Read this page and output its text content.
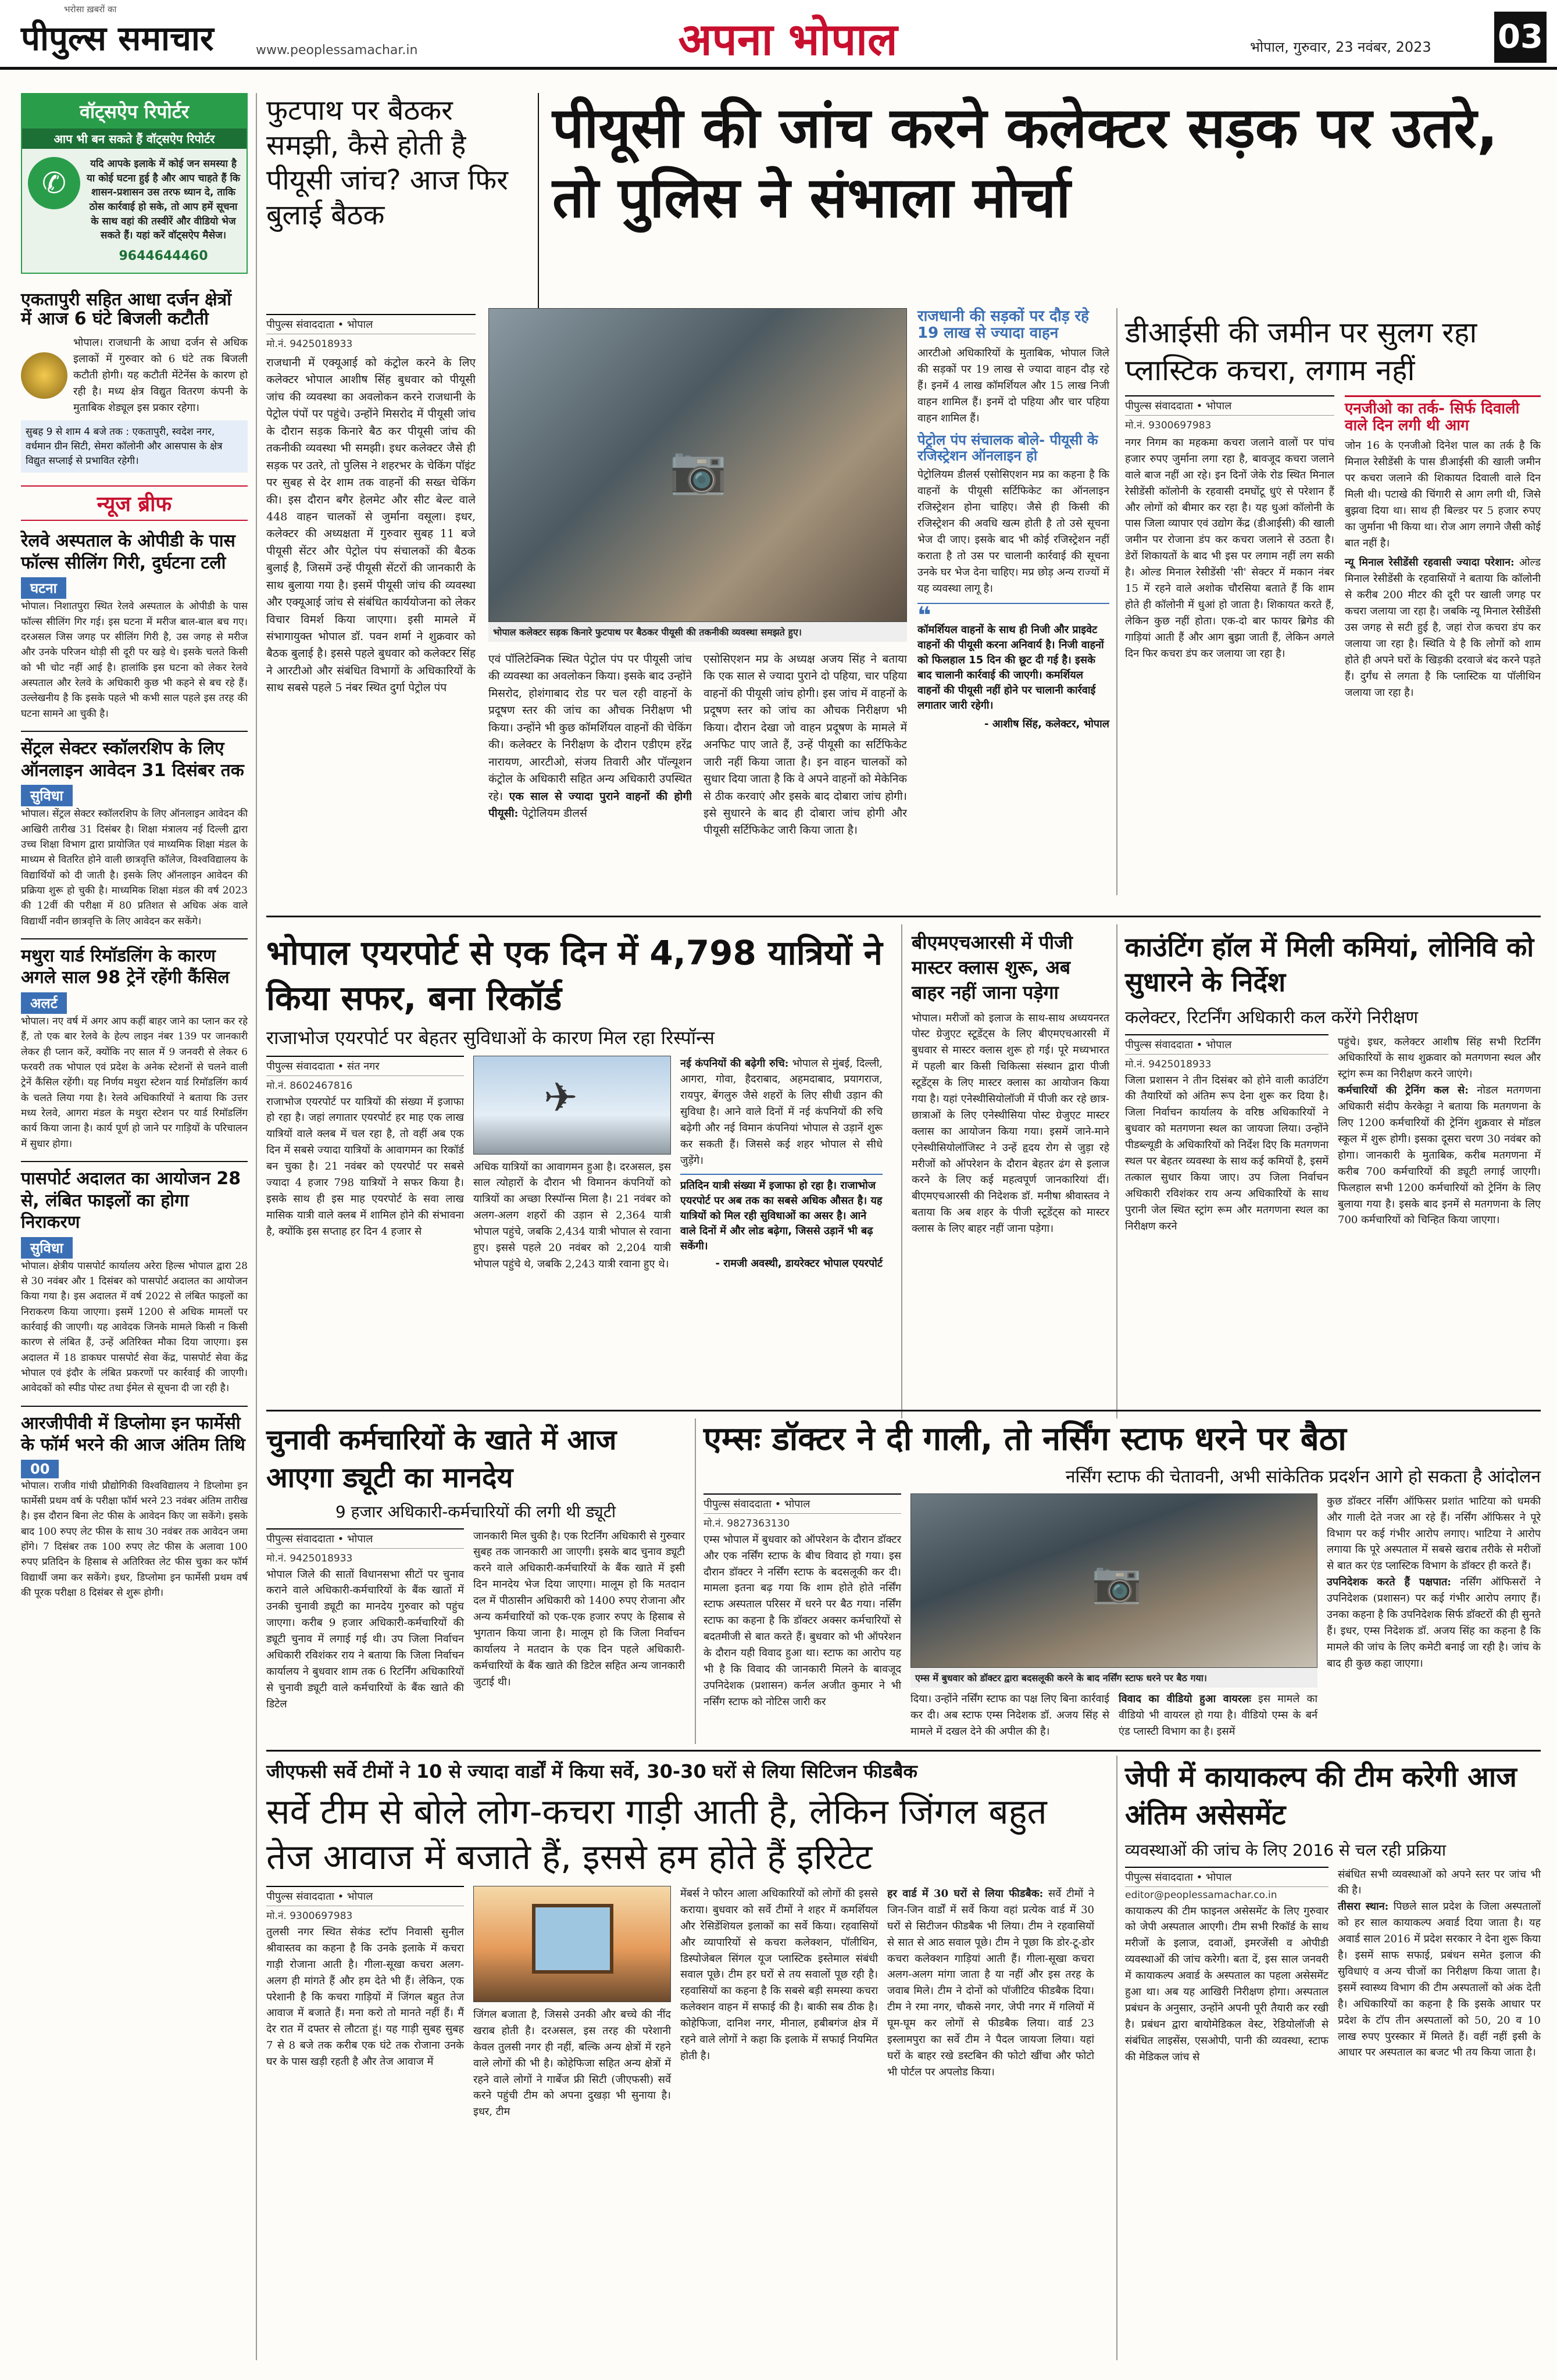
पीपुल्स समाचार
भरोसा ख़बरों का
www.peoplessamachar.in	अपना भोपाल	भोपाल, गुरुवार, 23 नवंबर, 2023 03
वॉट्सऐप रिपोर्टर
आप भी बन सकते हैं वॉट्सऐप रिपोर्टर
✆
यदि आपके इलाके में कोई जन समस्या है या कोई घटना हुई है और आप चाहते हैं कि शासन-प्रशासन उस तरफ ध्यान दे, ताकि ठोस कार्रवाई हो सके, तो आप हमें सूचना के साथ वहां की तस्वीरें और वीडियो भेज सकते हैं। यहां करें वॉट्सऐप मैसेज।
9644644460
एकतापुरी सहित आधा दर्जन क्षेत्रों में आज 6 घंटे बिजली कटौती
भोपाल। राजधानी के आधा दर्जन से अधिक इलाकों में गुरुवार को 6 घंटे तक बिजली कटौती होगी। यह कटौती मेंटेनेंस के कारण हो रही है। मध्य क्षेत्र विद्युत वितरण कंपनी के मुताबिक शेड्यूल इस प्रकार रहेगा।
सुबह 9 से शाम 4 बजे तक : एकतापुरी, स्वदेश नगर, वर्धमान ग्रीन सिटी, सेमरा कॉलोनी और आसपास के क्षेत्र विद्युत सप्लाई से प्रभावित रहेगी।
न्यूज ब्रीफ
रेलवे अस्पताल के ओपीडी के पास फॉल्स सीलिंग गिरी, दुर्घटना टली
घटना
भोपाल। निशातपुरा स्थित रेलवे अस्पताल के ओपीडी के पास फॉल्स सीलिंग गिर गई। इस घटना में मरीज बाल-बाल बच गए। दरअसल जिस जगह पर सीलिंग गिरी है, उस जगह से मरीज और उनके परिजन थोड़ी सी दूरी पर खड़े थे। इसके चलते किसी को भी चोट नहीं आई है। हालांकि इस घटना को लेकर रेलवे अस्पताल और रेलवे के अधिकारी कुछ भी कहने से बच रहे हैं। उल्लेखनीय है कि इसके पहले भी कभी साल पहले इस तरह की घटना सामने आ चुकी है।
सेंट्रल सेक्टर स्कॉलरशिप के लिए ऑनलाइन आवेदन 31 दिसंबर तक
सुविधा
भोपाल। सेंट्रल सेक्टर स्कॉलरशिप के लिए ऑनलाइन आवेदन की आखिरी तारीख 31 दिसंबर है। शिक्षा मंत्रालय नई दिल्ली द्वारा उच्च शिक्षा विभाग द्वारा प्रायोजित एवं माध्यमिक शिक्षा मंडल के माध्यम से वितरित होने वाली छात्रवृत्ति कॉलेज, विश्वविद्यालय के विद्यार्थियों को दी जाती है। इसके लिए ऑनलाइन आवेदन की प्रक्रिया शुरू हो चुकी है। माध्यमिक शिक्षा मंडल की वर्ष 2023 की 12वीं की परीक्षा में 80 प्रतिशत से अधिक अंक वाले विद्यार्थी नवीन छात्रवृत्ति के लिए आवेदन कर सकेंगे।
मथुरा यार्ड रिमॉडलिंग के कारण अगले साल 98 ट्रेनें रहेंगी कैंसिल
अलर्ट
भोपाल। नए वर्ष में अगर आप कहीं बाहर जाने का प्लान कर रहे हैं, तो एक बार रेलवे के हेल्प लाइन नंबर 139 पर जानकारी लेकर ही प्लान करें, क्योंकि नए साल में 9 जनवरी से लेकर 6 फरवरी तक भोपाल एवं प्रदेश के अनेक स्टेशनों से चलने वाली ट्रेनें कैंसिल रहेंगी। यह निर्णय मथुरा स्टेशन यार्ड रिमॉडलिंग कार्य के चलते लिया गया है। रेलवे अधिकारियों ने बताया कि उत्तर मध्य रेलवे, आगरा मंडल के मथुरा स्टेशन पर यार्ड रिमॉडलिंग कार्य किया जाना है। कार्य पूर्ण हो जाने पर गाड़ियों के परिचालन में सुधार होगा।
पासपोर्ट अदालत का आयोजन 28 से, लंबित फाइलों का होगा निराकरण
सुविधा
भोपाल। क्षेत्रीय पासपोर्ट कार्यालय अरेरा हिल्स भोपाल द्वारा 28 से 30 नवंबर और 1 दिसंबर को पासपोर्ट अदालत का आयोजन किया गया है। इस अदालत में वर्ष 2022 से लंबित फाइलों का निराकरण किया जाएगा। इसमें 1200 से अधिक मामलों पर कार्रवाई की जाएगी। यह आवेदक जिनके मामले किसी न किसी कारण से लंबित हैं, उन्हें अतिरिक्त मौका दिया जाएगा। इस अदालत में 18 डाकघर पासपोर्ट सेवा केंद्र, पासपोर्ट सेवा केंद्र भोपाल एवं इंदौर के लंबित प्रकरणों पर कार्रवाई की जाएगी। आवेदकों को स्पीड पोस्ट तथा ईमेल से सूचना दी जा रही है।
आरजीपीवी में डिप्लोमा इन फार्मेसी के फॉर्म भरने की आज अंतिम तिथि
00
भोपाल। राजीव गांधी प्रौद्योगिकी विश्वविद्यालय ने डिप्लोमा इन फार्मेसी प्रथम वर्ष के परीक्षा फॉर्म भरने 23 नवंबर अंतिम तारीख है। इस दौरान बिना लेट फीस के आवेदन किए जा सकेंगे। इसके बाद 100 रुपए लेट फीस के साथ 30 नवंबर तक आवेदन जमा होंगे। 7 दिसंबर तक 100 रुपए लेट फीस के अलावा 100 रुपए प्रतिदिन के हिसाब से अतिरिक्त लेट फीस चुका कर फॉर्म विद्यार्थी जमा कर सकेंगे। इधर, डिप्लोमा इन फार्मेसी प्रथम वर्ष की पूरक परीक्षा 8 दिसंबर से शुरू होगी।
फुटपाथ पर बैठकर समझी, कैसे होती है पीयूसी जांच? आज फिर बुलाई बैठक
पीयूसी की जांच करने कलेक्टर सड़क पर उतरे, तो पुलिस ने संभाला मोर्चा
पीपुल्स संवाददाता • भोपाल
मो.नं. 9425018933
राजधानी में एक्यूआई को कंट्रोल करने के लिए कलेक्टर भोपाल आशीष सिंह बुधवार को पीयूसी जांच की व्यवस्था का अवलोकन करने राजधानी के पेट्रोल पंपों पर पहुंचे। उन्होंने मिसरोद में पीयूसी जांच के दौरान सड़क किनारे बैठ कर पीयूसी जांच की तकनीकी व्यवस्था भी समझी। इधर कलेक्टर जैसे ही सड़क पर उतरे, तो पुलिस ने शहरभर के चेकिंग पॉइंट पर सुबह से देर शाम तक वाहनों की सख्त चेकिंग की। इस दौरान बगैर हेलमेट और सीट बेल्ट वाले 448 वाहन चालकों से जुर्माना वसूला। इधर, कलेक्टर की अध्यक्षता में गुरुवार सुबह 11 बजे पीयूसी सेंटर और पेट्रोल पंप संचालकों की बैठक बुलाई है, जिसमें उन्हें पीयूसी सेंटरों की जानकारी के साथ बुलाया गया है। इसमें पीयूसी जांच की व्यवस्था और एक्यूआई जांच से संबंधित कार्ययोजना को लेकर विचार विमर्श किया जाएगा। इसी मामले में संभागायुक्त भोपाल डॉ. पवन शर्मा ने शुक्रवार को बैठक बुलाई है। इससे पहले बुधवार को कलेक्टर सिंह ने आरटीओ और संबंधित विभागों के अधिकारियों के साथ सबसे पहले 5 नंबर स्थित दुर्गा पेट्रोल पंप
📷
भोपाल कलेक्टर सड़क किनारे फुटपाथ पर बैठकर पीयूसी की तकनीकी व्यवस्था समझते हुए।
एवं पॉलिटेक्निक स्थित पेट्रोल पंप पर पीयूसी जांच की व्यवस्था का अवलोकन किया। इसके बाद उन्होंने मिसरोद, होशंगाबाद रोड पर चल रही वाहनों के प्रदूषण स्तर की जांच का औचक निरीक्षण भी किया। उन्होंने भी कुछ कॉमर्शियल वाहनों की चेकिंग की। कलेक्टर के निरीक्षण के दौरान एडीएम हरेंद्र नारायण, आरटीओ, संजय तिवारी और पॉल्यूशन कंट्रोल के अधिकारी सहित अन्य अधिकारी उपस्थित रहे। एक साल से ज्यादा पुराने वाहनों की होगी पीयूसी: पेट्रोलियम डीलर्स
एसोसिएशन मप्र के अध्यक्ष अजय सिंह ने बताया कि एक साल से ज्यादा पुराने दो पहिया, चार पहिया वाहनों की पीयूसी जांच होगी। इस जांच में वाहनों के प्रदूषण स्तर को जांच का औचक निरीक्षण भी किया। दौरान देखा जो वाहन प्रदूषण के मामले में अनफिट पाए जाते हैं, उन्हें पीयूसी का सर्टिफिकेट जारी नहीं किया जाता है। इन वाहन चालकों को सुधार दिया जाता है कि वे अपने वाहनों को मेकेनिक से ठीक करवाएं और इसके बाद दोबारा जांच होगी। इसे सुधारने के बाद ही दोबारा जांच होगी और पीयूसी सर्टिफिकेट जारी किया जाता है।
राजधानी की सड़कों पर दौड़ रहे 19 लाख से ज्यादा वाहन
आरटीओ अधिकारियों के मुताबिक, भोपाल जिले की सड़कों पर 19 लाख से ज्यादा वाहन दौड़ रहे हैं। इनमें 4 लाख कॉमर्शियल और 15 लाख निजी वाहन शामिल हैं। इनमें दो पहिया और चार पहिया वाहन शामिल हैं।
पेट्रोल पंप संचालक बोले- पीयूसी के रजिस्ट्रेशन ऑनलाइन हो
पेट्रोलियम डीलर्स एसोसिएशन मप्र का कहना है कि वाहनों के पीयूसी सर्टिफिकेट का ऑनलाइन रजिस्ट्रेशन होना चाहिए। जैसे ही किसी की रजिस्ट्रेशन की अवधि खत्म होती है तो उसे सूचना भेज दी जाए। इसके बाद भी कोई रजिस्ट्रेशन नहीं कराता है तो उस पर चालानी कार्रवाई की सूचना उनके घर भेज देना चाहिए। मप्र छोड़ अन्य राज्यों में यह व्यवस्था लागू है।
❝
कॉमर्शियल वाहनों के साथ ही निजी और प्राइवेट वाहनों की पीयूसी करना अनिवार्य है। निजी वाहनों को फिलहाल 15 दिन की छूट दी गई है। इसके बाद चालानी कार्रवाई की जाएगी। कमर्शियल वाहनों की पीयूसी नहीं होने पर चालानी कार्रवाई लगातार जारी रहेगी।
- आशीष सिंह, कलेक्टर, भोपाल
डीआईसी की जमीन पर सुलग रहा प्लास्टिक कचरा, लगाम नहीं
पीपुल्स संवाददाता • भोपाल
मो.नं. 9300697983
नगर निगम का महकमा कचरा जलाने वालों पर पांच हजार रुपए जुर्माना लगा रहा है, बावजूद कचरा जलाने वाले बाज नहीं आ रहे। इन दिनों जेके रोड स्थित मिनाल रेसीडेंसी कॉलोनी के रहवासी दमघोंटू धुएं से परेशान हैं और लोगों को बीमार कर रहा है। यह धुआं कॉलोनी के पास जिला व्यापार एवं उद्योग केंद्र (डीआईसी) की खाली जमीन पर रोजाना डंप कर कचरा जलाने से उठता है। डेरों शिकायतों के बाद भी इस पर लगाम नहीं लग सकी है। ओल्ड मिनाल रेसीडेंसी 'सी' सेक्टर में मकान नंबर 15 में रहने वाले अशोक चौरसिया बताते हैं कि शाम होते ही कॉलोनी में धुआं हो जाता है। शिकायत करते हैं, लेकिन कुछ नहीं होता। एक-दो बार फायर ब्रिगेड की गाड़ियां आती हैं और आग बुझा जाती हैं, लेकिन अगले दिन फिर कचरा डंप कर जलाया जा रहा है।
एनजीओ का तर्क- सिर्फ दिवाली वाले दिन लगी थी आग
जोन 16 के एनजीओ दिनेश पाल का तर्क है कि मिनाल रेसीडेंसी के पास डीआईसी की खाली जमीन पर कचरा जलाने की शिकायत दिवाली वाले दिन मिली थी। पटाखे की चिंगारी से आग लगी थी, जिसे बुझवा दिया था। साथ ही बिल्डर पर 5 हजार रुपए का जुर्माना भी किया था। रोज आग लगाने जैसी कोई बात नहीं है।
न्यू मिनाल रेसीडेंसी रहवासी ज्यादा परेशान: ओल्ड मिनाल रेसीडेंसी के रहवासियों ने बताया कि कॉलोनी से करीब 200 मीटर की दूरी पर खाली जगह पर कचरा जलाया जा रहा है। जबकि न्यू मिनाल रेसीडेंसी उस जगह से सटी हुई है, जहां रोज कचरा डंप कर जलाया जा रहा है। स्थिति ये है कि लोगों को शाम होते ही अपने घरों के खिड़की दरवाजे बंद करने पड़ते हैं। दुर्गंध से लगता है कि प्लास्टिक या पॉलीथिन जलाया जा रहा है।
भोपाल एयरपोर्ट से एक दिन में 4,798 यात्रियों ने किया सफर, बना रिकॉर्ड
राजाभोज एयरपोर्ट पर बेहतर सुविधाओं के कारण मिल रहा रिस्पॉन्स
पीपुल्स संवाददाता • संत नगर
मो.नं. 8602467816
राजाभोज एयरपोर्ट पर यात्रियों की संख्या में इजाफा हो रहा है। जहां लगातार एयरपोर्ट हर माह एक लाख यात्रियों वाले क्लब में चल रहा है, तो वहीं अब एक दिन में सबसे ज्यादा यात्रियों के आवागमन का रिकॉर्ड बन चुका है। 21 नवंबर को एयरपोर्ट पर सबसे ज्यादा 4 हजार 798 यात्रियों ने सफर किया है। इसके साथ ही इस माह एयरपोर्ट के सवा लाख मासिक यात्री वाले क्लब में शामिल होने की संभावना है, क्योंकि इस सप्ताह हर दिन 4 हजार से
✈
अधिक यात्रियों का आवागमन हुआ है। दरअसल, इस साल त्योहारों के दौरान भी विमानन कंपनियों को यात्रियों का अच्छा रिस्पॉन्स मिला है। 21 नवंबर को अलग-अलग शहरों की उड़ान से 2,364 यात्री भोपाल पहुंचे, जबकि 2,434 यात्री भोपाल से रवाना हुए। इससे पहले 20 नवंबर को 2,204 यात्री भोपाल पहुंचे थे, जबकि 2,243 यात्री रवाना हुए थे।
नई कंपनियों की बढ़ेगी रुचि: भोपाल से मुंबई, दिल्ली, आगरा, गोवा, हैदराबाद, अहमदाबाद, प्रयागराज, रायपुर, बेंगलुरु जैसे शहरों के लिए सीधी उड़ान की सुविधा है। आने वाले दिनों में नई कंपनियों की रुचि बढ़ेगी और नई विमान कंपनियां भोपाल से उड़ानें शुरू कर सकती हैं। जिससे कई शहर भोपाल से सीधे जुड़ेंगे।
प्रतिदिन यात्री संख्या में इजाफा हो रहा है। राजाभोज एयरपोर्ट पर अब तक का सबसे अधिक औसत है। यह यात्रियों को मिल रही सुविधाओं का असर है। आने वाले दिनों में और लोड बढ़ेगा, जिससे उड़ानें भी बढ़ सकेंगी।
- रामजी अवस्थी, डायरेक्टर भोपाल एयरपोर्ट
बीएमएचआरसी में पीजी मास्टर क्लास शुरू, अब बाहर नहीं जाना पड़ेगा
भोपाल। मरीजों को इलाज के साथ-साथ अध्ययनरत पोस्ट ग्रेजुएट स्टूडेंट्स के लिए बीएमएचआरसी में बुधवार से मास्टर क्लास शुरू हो गई। पूरे मध्यभारत में पहली बार किसी चिकित्सा संस्थान द्वारा पीजी स्टूडेंट्स के लिए मास्टर क्लास का आयोजन किया गया है। यहां एनेस्थीसियोलॉजी में पीजी कर रहे छात्र-छात्राओं के लिए एनेस्थीसिया पोस्ट ग्रेजुएट मास्टर क्लास का आयोजन किया गया। इसमें जाने-माने एनेस्थीसियोलॉजिस्ट ने उन्हें हृदय रोग से जुड़ा रहे मरीजों को ऑपरेशन के दौरान बेहतर ढंग से इलाज करने के लिए कई महत्वपूर्ण जानकारियां दीं। बीएमएचआरसी की निदेशक डॉ. मनीषा श्रीवास्तव ने बताया कि अब शहर के पीजी स्टूडेंट्स को मास्टर क्लास के लिए बाहर नहीं जाना पड़ेगा।
काउंटिंग हॉल में मिली कमियां, लोनिवि को सुधारने के निर्देश
कलेक्टर, रिटर्निंग अधिकारी कल करेंगे निरीक्षण
पीपुल्स संवाददाता • भोपाल
मो.नं. 9425018933
जिला प्रशासन ने तीन दिसंबर को होने वाली काउंटिंग की तैयारियों को अंतिम रूप देना शुरू कर दिया है। जिला निर्वाचन कार्यालय के वरिष्ठ अधिकारियों ने बुधवार को मतगणना स्थल का जायजा लिया। उन्होंने पीडब्ल्यूडी के अधिकारियों को निर्देश दिए कि मतगणना स्थल पर बेहतर व्यवस्था के साथ कई कमियों है, इसमें तत्काल सुधार किया जाए। उप जिला निर्वाचन अधिकारी रविशंकर राय अन्य अधिकारियों के साथ पुरानी जेल स्थित स्ट्रांग रूम और मतगणना स्थल का निरीक्षण करने
पहुंचे। इधर, कलेक्टर आशीष सिंह सभी रिटर्निंग अधिकारियों के साथ शुक्रवार को मतगणना स्थल और स्ट्रांग रूम का निरीक्षण करने जाएंगे।
कर्मचारियों की ट्रेनिंग कल से: नोडल मतगणना अधिकारी संदीप केरकेट्टा ने बताया कि मतगणना के लिए 1200 कर्मचारियों की ट्रेनिंग शुक्रवार से मॉडल स्कूल में शुरू होगी। इसका दूसरा चरण 30 नवंबर को होगा। जानकारी के मुताबिक, करीब मतगणना में करीब 700 कर्मचारियों की ड्यूटी लगाई जाएगी। फिलहाल सभी 1200 कर्मचारियों को ट्रेनिंग के लिए बुलाया गया है। इसके बाद इनमें से मतगणना के लिए 700 कर्मचारियों को चिन्हित किया जाएगा।
चुनावी कर्मचारियों के खाते में आज आएगा ड्यूटी का मानदेय
9 हजार अधिकारी-कर्मचारियों की लगी थी ड्यूटी
पीपुल्स संवाददाता • भोपाल
मो.नं. 9425018933
भोपाल जिले की सातों विधानसभा सीटों पर चुनाव कराने वाले अधिकारी-कर्मचारियों के बैंक खातों में उनकी चुनावी ड्यूटी का मानदेय गुरुवार को पहुंच जाएगा। करीब 9 हजार अधिकारी-कर्मचारियों की ड्यूटी चुनाव में लगाई गई थी। उप जिला निर्वाचन अधिकारी रविशंकर राय ने बताया कि जिला निर्वाचन कार्यालय ने बुधवार शाम तक 6 रिटर्निंग अधिकारियों से चुनावी ड्यूटी वाले कर्मचारियों के बैंक खाते की डिटेल
जानकारी मिल चुकी है। एक रिटर्निंग अधिकारी से गुरुवार सुबह तक जानकारी आ जाएगी। इसके बाद चुनाव ड्यूटी करने वाले अधिकारी-कर्मचारियों के बैंक खाते में इसी दिन मानदेय भेज दिया जाएगा। मालूम हो कि मतदान दल में पीठासीन अधिकारी को 1400 रुपए रोजाना और अन्य कर्मचारियों को एक-एक हजार रुपए के हिसाब से भुगतान किया जाना है। मालूम हो कि जिला निर्वाचन कार्यालय ने मतदान के एक दिन पहले अधिकारी-कर्मचारियों के बैंक खाते की डिटेल सहित अन्य जानकारी जुटाई थी।
एम्सः डॉक्टर ने दी गाली, तो नर्सिंग स्टाफ धरने पर बैठा
नर्सिंग स्टाफ की चेतावनी, अभी सांकेतिक प्रदर्शन आगे हो सकता है आंदोलन
पीपुल्स संवाददाता • भोपाल
मो.नं. 9827363130
एम्स भोपाल में बुधवार को ऑपरेशन के दौरान डॉक्टर और एक नर्सिंग स्टाफ के बीच विवाद हो गया। इस दौरान डॉक्टर ने नर्सिंग स्टाफ के बदसलूकी कर दी। मामला इतना बढ़ गया कि शाम होते होते नर्सिंग स्टाफ अस्पताल परिसर में धरने पर बैठ गया। नर्सिंग स्टाफ का कहना है कि डॉक्टर अक्सर कर्मचारियों से बदतमीजी से बात करते हैं। बुधवार को भी ऑपरेशन के दौरान यही विवाद हुआ था। स्टाफ का आरोप यह भी है कि विवाद की जानकारी मिलने के बावजूद उपनिदेशक (प्रशासन) कर्नल अजीत कुमार ने भी नर्सिंग स्टाफ को नोटिस जारी कर
📷
एम्स में बुधवार को डॉक्टर द्वारा बदसलूकी करने के बाद नर्सिंग स्टाफ धरने पर बैठ गया।
दिया। उन्होंने नर्सिंग स्टाफ का पक्ष लिए बिना कार्रवाई कर दी। अब स्टाफ एम्स निदेशक डॉ. अजय सिंह से मामले में दखल देने की अपील की है।
विवाद का वीडियो हुआ वायरलः इस मामले का वीडियो भी वायरल हो गया है। वीडियो एम्स के बर्न एंड प्लास्टी विभाग का है। इसमें
कुछ डॉक्टर नर्सिंग ऑफिसर प्रशांत भाटिया को धमकी और गाली देते नजर आ रहे हैं। नर्सिंग ऑफिसर ने पूरे विभाग पर कई गंभीर आरोप लगाए। भाटिया ने आरोप लगाया कि पूरे अस्पताल में सबसे खराब तरीके से मरीजों से बात कर एंड प्लास्टिक विभाग के डॉक्टर ही करते हैं।
उपनिदेशक करते हैं पक्षपात: नर्सिंग ऑफिसरों ने उपनिदेशक (प्रशासन) पर कई गंभीर आरोप लगाए हैं। उनका कहना है कि उपनिदेशक सिर्फ डॉक्टरों की ही सुनते हैं। इधर, एम्स निदेशक डॉ. अजय सिंह का कहना है कि मामले की जांच के लिए कमेटी बनाई जा रही है। जांच के बाद ही कुछ कहा जाएगा।
जीएफसी सर्वे टीमों ने 10 से ज्यादा वार्डों में किया सर्वे, 30-30 घरों से लिया सिटिजन फीडबैक
सर्वे टीम से बोले लोग-कचरा गाड़ी आती है, लेकिन जिंगल बहुत तेज आवाज में बजाते हैं, इससे हम होते हैं इरिटेट
पीपुल्स संवाददाता • भोपाल
मो.नं. 9300697983
तुलसी नगर स्थित सेकंड स्टॉप निवासी सुनील श्रीवास्तव का कहना है कि उनके इलाके में कचरा गाड़ी रोजाना आती है। गीला-सूखा कचरा अलग-अलग ही मांगते हैं और हम देते भी हैं। लेकिन, एक परेशानी है कि कचरा गाड़ियों में जिंगल बहुत तेज आवाज में बजाते हैं। मना करो तो मानते नहीं हैं। मैं देर रात में दफ्तर से लौटता हूं। यह गाड़ी सुबह सुबह 7 से 8 बजे तक करीब एक घंटे तक रोजाना उनके घर के पास खड़ी रहती है और तेज आवाज में
जिंगल बजाता है, जिससे उनकी और बच्चे की नींद खराब होती है। दरअसल, इस तरह की परेशानी केवल तुलसी नगर ही नहीं, बल्कि अन्य क्षेत्रों में रहने वाले लोगों की भी है। कोहेफिजा सहित अन्य क्षेत्रों में रहने वाले लोगों ने गार्बेज फ्री सिटी (जीएफसी) सर्वे करने पहुंची टीम को अपना दुखड़ा भी सुनाया है। इधर, टीम
मेंबर्स ने फौरन आला अधिकारियों को लोगों की इससे कराया। बुधवार को सर्वे टीमों ने शहर में कमर्शियल और रेसिडेंशियल इलाकों का सर्वे किया। रहवासियों और व्यापारियों से कचरा कलेक्शन, पॉलीथिन, डिस्पोजेबल सिंगल यूज प्लास्टिक इस्तेमाल संबंधी सवाल पूछे। टीम हर घरों से तय सवालों पूछ रही है। रहवासियों का कहना है कि सबसे बड़ी समस्या कचरा कलेक्शन वाहन में सफाई की है। बाकी सब ठीक है। कोहेफिजा, दानिश नगर, मीनाल, हबीबगंज क्षेत्र में रहने वाले लोगों ने कहा कि इलाके में सफाई नियमित होती है।
हर वार्ड में 30 घरों से लिया फीडबैक: सर्वे टीमों ने जिन-जिन वार्डों में सर्वे किया वहां प्रत्येक वार्ड में 30 घरों से सिटीजन फीडबैक भी लिया। टीम ने रहवासियों से सात से आठ सवाल पूछे। टीम ने पूछा कि डोर-टू-डोर कचरा कलेक्शन गाड़ियां आती हैं। गीला-सूखा कचरा अलग-अलग मांगा जाता है या नहीं और इस तरह के जवाब मिले। टीम ने दोनों को पॉजीटिव फीडबैक दिया। टीम ने रमा नगर, चौकसे नगर, जेपी नगर में गलियों में घूम-घूम कर लोगों से फीडबैक लिया। वार्ड 23 इस्लामपुरा का सर्वे टीम ने पैदल जायजा लिया। यहां घरों के बाहर रखे डस्टबिन की फोटो खींचा और फोटो भी पोर्टल पर अपलोड किया।
जेपी में कायाकल्प की टीम करेगी आज अंतिम असेसमेंट
व्यवस्थाओं की जांच के लिए 2016 से चल रही प्रक्रिया
पीपुल्स संवाददाता • भोपाल
editor@peoplessamachar.co.in
कायाकल्प की टीम फाइनल असेसमेंट के लिए गुरुवार को जेपी अस्पताल आएगी। टीम सभी रिकॉर्ड के साथ मरीजों के इलाज, दवाओं, इमरजेंसी व ओपीडी व्यवस्थाओं की जांच करेगी। बता दें, इस साल जनवरी में कायाकल्प अवार्ड के अस्पताल का पहला असेसमेंट हुआ था। अब यह आखिरी निरीक्षण होगा। अस्पताल प्रबंधन के अनुसार, उन्होंने अपनी पूरी तैयारी कर रखी है। प्रबंधन द्वारा बायोमेडिकल वेस्ट, रेडियोलॉजी से संबंधित लाइसेंस, एसओपी, पानी की व्यवस्था, स्टाफ की मेडिकल जांच से
संबंधित सभी व्यवस्थाओं को अपने स्तर पर जांच भी की है।
तीसरा स्थान: पिछले साल प्रदेश के जिला अस्पतालों को हर साल कायाकल्प अवार्ड दिया जाता है। यह अवार्ड साल 2016 में प्रदेश सरकार ने देना शुरू किया है। इसमें साफ सफाई, प्रबंधन समेत इलाज की सुविधाएं व अन्य चीजों का निरीक्षण किया जाता है। इसमें स्वास्थ्य विभाग की टीम अस्पतालों को अंक देती है। अधिकारियों का कहना है कि इसके आधार पर प्रदेश के टॉप तीन अस्पतालों को 50, 20 व 10 लाख रुपए पुरस्कार में मिलते हैं। वहीं नहीं इसी के आधार पर अस्पताल का बजट भी तय किया जाता है।
